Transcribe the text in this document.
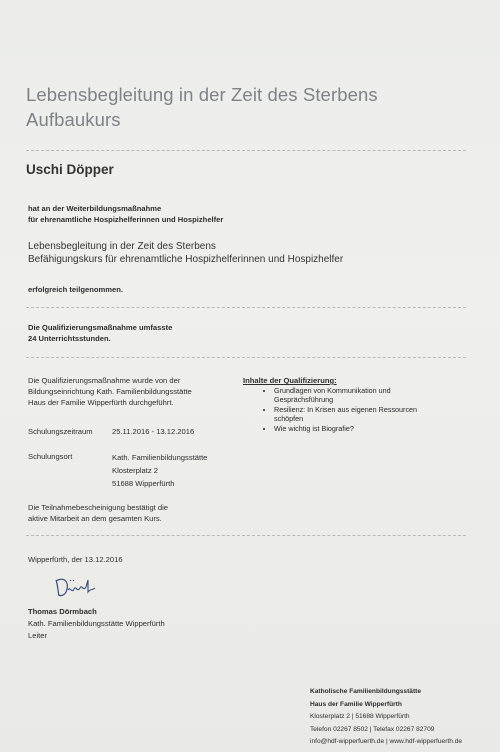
Lebensbegleitung in der Zeit des Sterbens
Aufbaukurs
Uschi Döpper
hat an der Weiterbildungsmaßnahme
für ehrenamtliche Hospizhelferinnen und Hospizhelfer
Lebensbegleitung in der Zeit des Sterbens
Befähigungskurs für ehrenamtliche Hospizhelferinnen und Hospizhelfer
erfolgreich teilgenommen.
Die Qualifizierungsmaßnahme umfasste
24 Unterrichtsstunden.
Die Qualifizierungsmaßnahme wurde von der
Bildungseinrichtung Kath. Familienbildungsstätte
Haus der Familie Wipperfürth durchgeführt.
Schulungszeitraum	25.11.2016 - 13.12.2016
Schulungsort	Kath. Familienbildungsstätte
Klosterplatz 2
51688 Wipperfürth
Die Teilnahmebescheinigung bestätigt die
aktive Mitarbeit an dem gesamten Kurs.
Inhalte der Qualifizierung:
• Grundlagen von Kommunikation und Gesprächsführung
• Resilienz: In Krisen aus eigenen Ressourcen schöpfen
• Wie wichtig ist Biografie?
Wipperfürth, der 13.12.2016
Thomas Dörmbach
Kath. Familienbildungsstätte Wipperfürth
Leiter
Katholische Familienbildungsstätte
Haus der Familie Wipperfürth
Klosterplatz 2 | 51688 Wipperfürth
Telefon 02267 8502 | Telefax 02267 82709
info@hdf-wipperfuerth.de | www.hdf-wipperfuerth.de
